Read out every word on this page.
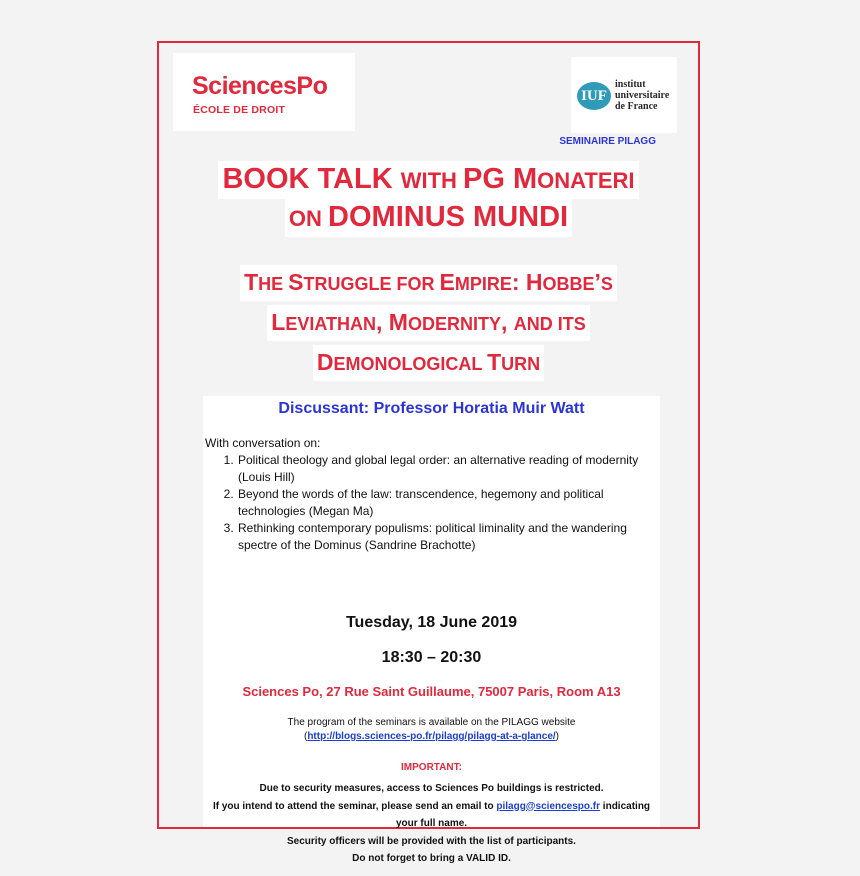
SciencesPo
ÉCOLE DE DROIT
IUF
institut
universitaire
de France
SEMINAIRE PILAGG
BOOK TALK WITH PG MONATERI
ON DOMINUS MUNDI
THE STRUGGLE FOR EMPIRE: HOBBE’S
LEVIATHAN, MODERNITY, AND ITS
DEMONOLOGICAL TURN
Discussant: Professor Horatia Muir Watt
With conversation on:
1. Political theology and global legal order: an alternative reading of modernity (Louis Hill)
2. Beyond the words of the law: transcendence, hegemony and political technologies (Megan Ma)
3. Rethinking contemporary populisms: political liminality and the wandering spectre of the Dominus (Sandrine Brachotte)
Tuesday, 18 June 2019
18:30 – 20:30
Sciences Po, 27 Rue Saint Guillaume, 75007 Paris, Room A13
The program of the seminars is available on the PILAGG website
(http://blogs.sciences-po.fr/pilagg/pilagg-at-a-glance/)
IMPORTANT:
Due to security measures, access to Sciences Po buildings is restricted.
If you intend to attend the seminar, please send an email to pilagg@sciencespo.fr indicating
your full name.
Security officers will be provided with the list of participants.
Do not forget to bring a VALID ID.
